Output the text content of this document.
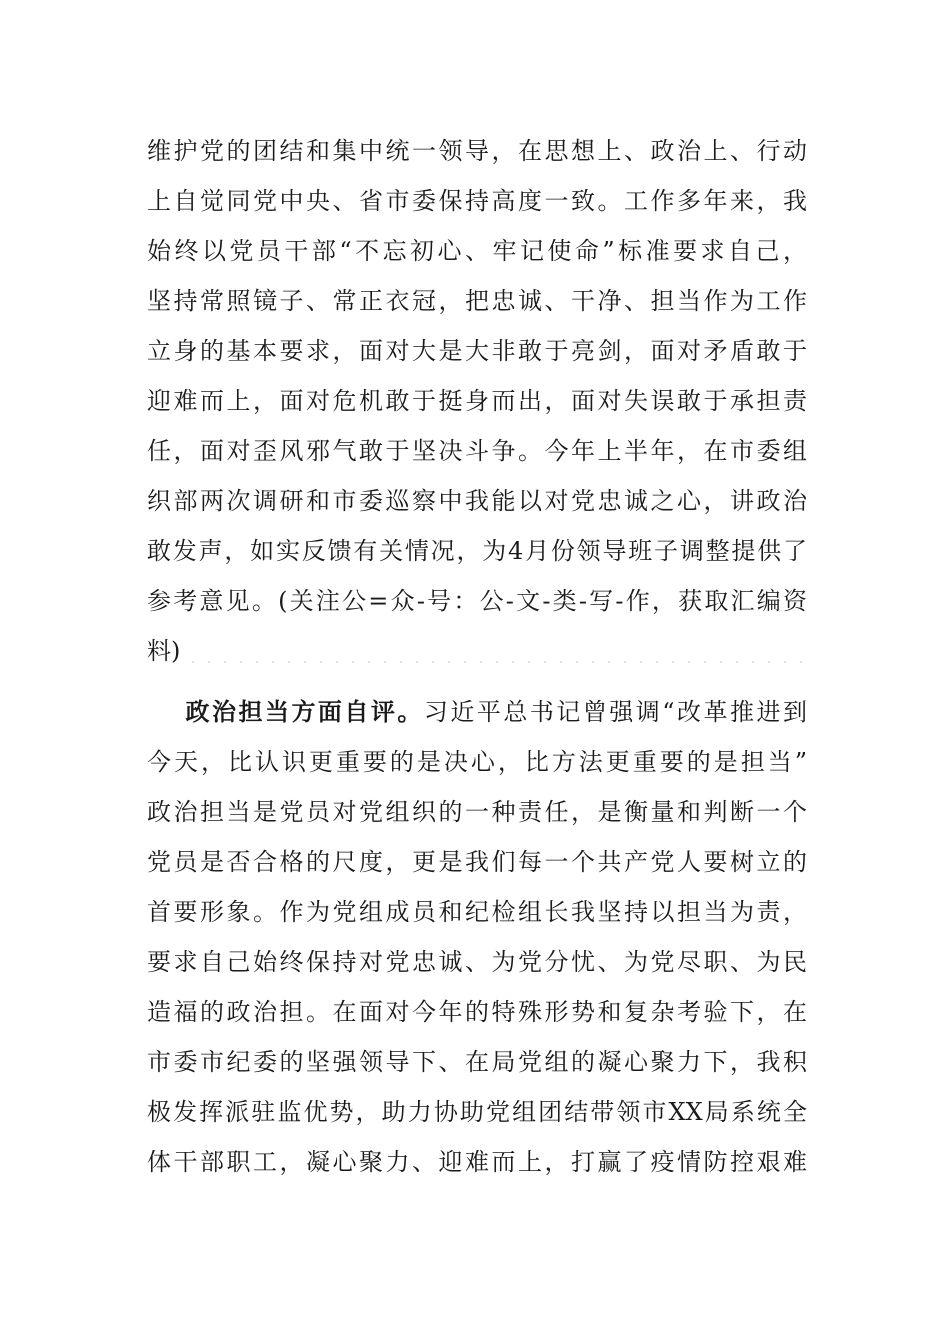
维护党的团结和集中统一领导，在思想上、政治上、行动
上自觉同党中央、省市委保持高度一致。工作多年来，我
始终以党员干部“不忘初心、牢记使命”标准要求自己，
坚持常照镜子、常正衣冠，把忠诚、干净、担当作为工作
立身的基本要求，面对大是大非敢于亮剑，面对矛盾敢于
迎难而上，面对危机敢于挺身而出，面对失误敢于承担责
任，面对歪风邪气敢于坚决斗争。今年上半年，在市委组
织部两次调研和市委巡察中我能以对党忠诚之心，讲政治
敢发声，如实反馈有关情况，为4月份领导班子调整提供了
参考意见。(关注公=众-号：公-文-类-写-作，获取汇编资
料)
政治担当方面自评。习近平总书记曾强调“改革推进到
今天，比认识更重要的是决心，比方法更重要的是担当”
政治担当是党员对党组织的一种责任，是衡量和判断一个
党员是否合格的尺度，更是我们每一个共产党人要树立的
首要形象。作为党组成员和纪检组长我坚持以担当为责，
要求自己始终保持对党忠诚、为党分忧、为党尽职、为民
造福的政治担。在面对今年的特殊形势和复杂考验下，在
市委市纪委的坚强领导下、在局党组的凝心聚力下，我积
极发挥派驻监优势，助力协助党组团结带领市XX局系统全
体干部职工，凝心聚力、迎难而上，打赢了疫情防控艰难
